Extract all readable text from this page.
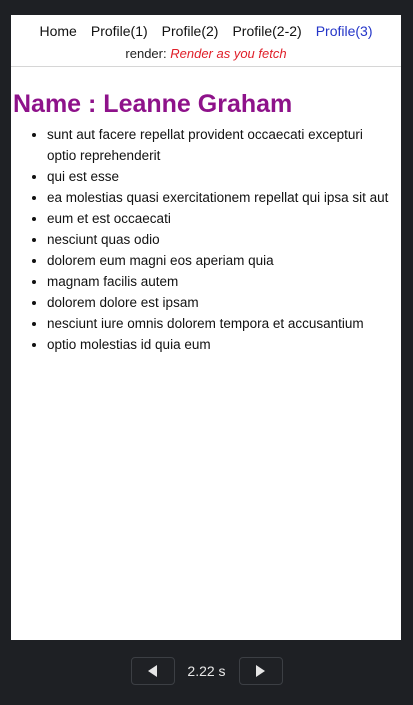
Home Profile(1) Profile(2) Profile(2-2) Profile(3)
render: Render as you fetch
Name : Leanne Graham
• sunt aut facere repellat provident occaecati excepturi optio reprehenderit
• qui est esse
• ea molestias quasi exercitationem repellat qui ipsa sit aut
• eum et est occaecati
• nesciunt quas odio
• dolorem eum magni eos aperiam quia
• magnam facilis autem
• dolorem dolore est ipsam
• nesciunt iure omnis dolorem tempora et accusantium
• optio molestias id quia eum
2.22 s
